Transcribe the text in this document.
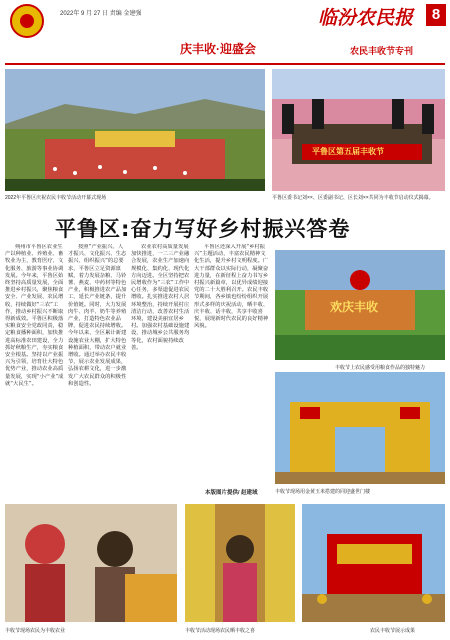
2022年 9 月 27 日 责编 金建强	临汾农民报	8
庆丰收·迎盛会	农民丰收节专刊
2022年平鲁区庆祝农民丰收节活动开幕式现场
平鲁区第五届丰收节
平鲁区委书记刘××、区委副书记、区长刘××共同为丰收节启动仪式揭幕。
平鲁区:奋力写好乡村振兴答卷
朔州市平鲁区农业生产以种植业、养殖业、畜牧业为主，教育医疗、文化服务、旅游等事业协调发展。今年来，平鲁区始终坚持高质量发展，全面推进乡村振兴，聚焦粮食安全、产业发展、农民增收，持续做好“三农”工作，推动乡村振兴不断取得新成效。平鲁区积极落实粮食安全党政同责，稳定粮食播种面积，加快推进高标准农田建设，全力抓好秋粮生产，夯实粮食安全根基。坚持以产业振兴为引领，培育壮大特色优势产业，推动农业高质量发展，实现“小产业”成就“大民生”。
按照“产业振兴、人才振兴、文化振兴、生态振兴、组织振兴”的总要求，平鲁区立足资源禀赋，着力发展杂粮、马铃薯、燕麦、中药材等特色产业，积极推进农产品加工，延长产业链条，提升价值链。同时，大力发展肉牛、肉羊、奶牛等养殖产业，打造特色农业品牌，促进农民持续增收。今年以来，全区累计新建设施农业大棚，扩大特色种植面积，带动农户就业增收。通过举办农民丰收节，展示农业发展成果，弘扬农耕文化，进一步激发广大农民群众的积极性和创造性。
农业农村高质量发展加快推进，一二三产业融合发展，农业生产加速向规模化、集约化、现代化方向迈进。全区坚持把农民增收作为“三农”工作中心任务，多渠道促进农民增收。扎实推进农村人居环境整治，持续开展村庄清洁行动，改善农村生活环境，建设美丽宜居乡村。加强农村基础设施建设，推动城乡公共服务均等化，农村面貌持续改善。
平鲁区还深入开展“乡村振兴”主题活动，丰富农民精神文化生活，提升乡村文明程度。广大干部群众以实际行动，凝聚奋进力量，在新征程上奋力书写乡村振兴新篇章，以优异成绩迎接党的二十大胜利召开。农民丰收节期间，各乡镇也纷纷组织开展形式多样的庆祝活动，晒丰收、庆丰收、话丰收，共享丰收喜悦，展现新时代农民的良好精神风貌。
本版图片提供/ 赵建域
欢庆丰收
丰收节上农民感受用粮食作品的独特魅力
丰收节现场用金黄玉米搭建的同迎盛世门楼
丰收节现场农民为丰收农业	丰收节活动现场农民晒丰收之喜	农民丰收节展示成果
